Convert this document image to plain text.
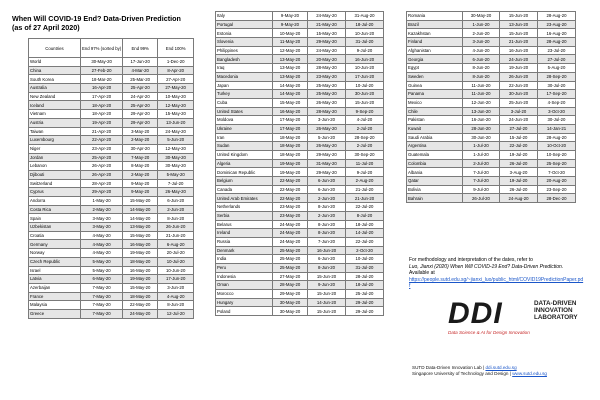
When Will COVID-19 End? Data-Driven Prediction
(as of 27 April 2020)
Countries	End 97% (sorted by)	End 99%	End 100%
World	30-May-20	17-Jun-20	1-Dec-20
China	27-Feb-20	4-Mar-20	8-Apr-20
South Korea	18-Mar-20	25-Mar-20	27-Apr-20
Australia	16-Apr-20	25-Apr-20	27-May-20
New Zealand	17-Apr-20	24-Apr-20	10-May-20
Iceland	18-Apr-20	25-Apr-20	12-May-20
Vietnam	18-Apr-20	29-Apr-20	15-May-20
Austria	19-Apr-20	29-Apr-20	13-Jun-20
Taiwan	21-Apr-20	3-May-20	24-May-20
Luxembourg	22-Apr-20	2-May-20	5-Jun-20
Niger	23-Apr-20	30-Apr-20	12-May-20
Jordan	25-Apr-20	7-May-20	30-May-20
Lebanon	26-Apr-20	8-May-20	30-May-20
Djibouti	26-Apr-20	2-May-20	5-May-20
Switzerland	28-Apr-20	9-May-20	7-Jul-20
Cyprus	29-Apr-20	9-May-20	26-May-20
Andorra	1-May-20	15-May-20	6-Jun-20
Costa Rica	2-May-20	14-May-20	2-Jun-20
Spain	3-May-20	14-May-20	8-Jun-20
Uzbekistan	3-May-20	13-May-20	26-Jun-20
Croatia	4-May-20	15-May-20	21-Jun-20
Germany	4-May-20	16-May-20	6-Aug-20
Norway	4-May-20	19-May-20	20-Jul-20
Czech Republic	5-May-20	18-May-20	10-Jul-20
Israel	5-May-20	16-May-20	10-Jun-20
Latvia	6-May-20	19-May-20	17-Jun-20
Azerbaijan	7-May-20	15-May-20	3-Jun-20
France	7-May-20	18-May-20	4-Aug-20
Malaysia	7-May-20	22-May-20	8-Jun-20
Greece	7-May-20	24-May-20	12-Jul-20
Italy	9-May-20	24-May-20	31-Aug-20
Portugal	9-May-20	21-May-20	18-Jul-20
Estonia	10-May-20	15-May-20	10-Jun-20
Slovenia	11-May-20	29-May-20	31-Jul-20
Philippines	12-May-20	24-May-20	9-Jul-20
Bangladesh	13-May-20	20-May-20	16-Jun-20
Iraq	13-May-20	28-May-20	10-Jun-20
Macedonia	13-May-20	23-May-20	17-Jun-20
Japan	14-May-20	25-May-20	10-Jul-20
Turkey	14-May-20	25-May-20	30-Jun-20
Cuba	15-May-20	26-May-20	15-Jun-20
United States	16-May-20	28-May-20	9-Sep-20
Moldova	17-May-20	3-Jun-20	4-Jul-20
Ukraine	17-May-20	26-May-20	2-Jul-20
Iran	18-May-20	5-Jun-20	28-Sep-20
Sudan	18-May-20	26-May-20	2-Jul-20
United Kingdom	18-May-20	29-May-20	30-Sep-20
Algeria	19-May-20	31-May-20	11-Jul-20
Dominican Republic	19-May-20	29-May-20	9-Jul-20
Belgium	22-May-20	6-Jun-20	2-Aug-20
Canada	22-May-20	6-Jun-20	21-Jul-20
United Arab Emirates	22-May-20	2-Jun-20	21-Jun-20
Netherlands	23-May-20	8-Jun-20	22-Jul-20
Serbia	23-May-20	2-Jun-20	8-Jul-20
Belarus	24-May-20	8-Jun-20	18-Jul-20
Ireland	24-May-20	8-Jun-20	14-Jul-20
Russia	24-May-20	7-Jun-20	22-Jul-20
Denmark	25-May-20	16-Jun-20	2-Oct-20
India	25-May-20	6-Jun-20	10-Jul-20
Peru	25-May-20	8-Jun-20	31-Jul-20
Indonesia	27-May-20	15-Jun-20	28-Jul-20
Oman	28-May-20	9-Jun-20	18-Jul-20
Morocco	29-May-20	15-Jun-20	25-Jul-20
Hungary	30-May-20	14-Jun-20	29-Jul-20
Poland	30-May-20	15-Jun-20	29-Jul-20
Romania	30-May-20	15-Jun-20	28-Aug-20
Brazil	1-Jun-20	13-Jun-20	23-Aug-20
Kazakhstan	2-Jun-20	15-Jun-20	16-Aug-20
Finland	3-Jun-20	21-Jun-20	28-Aug-20
Afghanistan	4-Jun-20	16-Jun-20	23-Jul-20
Georgia	6-Jun-20	24-Jun-20	27-Jul-20
Egypt	8-Jun-20	19-Jun-20	5-Aug-20
Sweden	8-Jun-20	26-Jun-20	28-Sep-20
Guinea	11-Jun-20	22-Jun-20	30-Jul-20
Panama	11-Jun-20	30-Jun-20	17-Sep-20
Mexico	12-Jun-20	25-Jun-20	4-Sep-20
Chile	13-Jun-20	3-Jul-20	3-Oct-20
Pakistan	16-Jun-20	24-Jun-20	30-Jul-20
Kuwait	28-Jun-20	27-Jul-20	14-Jan-21
Saudi Arabia	30-Jun-20	15-Jul-20	28-Aug-20
Argentina	1-Jul-20	22-Jul-20	10-Oct-20
Guatemala	1-Jul-20	19-Jul-20	10-Sep-20
Colombia	2-Jul-20	26-Jul-20	25-Sep-20
Albania	7-Jul-20	3-Aug-20	7-Oct-20
Qatar	7-Jul-20	19-Jul-20	20-Aug-20
Bolivia	9-Jul-20	26-Jul-20	23-Sep-20
Bahrain	26-Jul-20	24-Aug-20	28-Dec-20
For methodology and interpretation of the dates, refer to
Luo, Jianxi (2020) When Will COVID-19 End? Data-Driven Prediction.
Available at
https://people.sutd.edu.sg/~jianxi_luo/public_html/COVID19PredictionPaper.pdf
DDI	DATA-DRIVEN INNOVATION LABORATORY
Data Science & AI for Design Innovation
SUTD Data-Driven Innovation Lab | ddi.sutd.edu.sg
Singapore University of Technology and Design | www.sutd.edu.sg
